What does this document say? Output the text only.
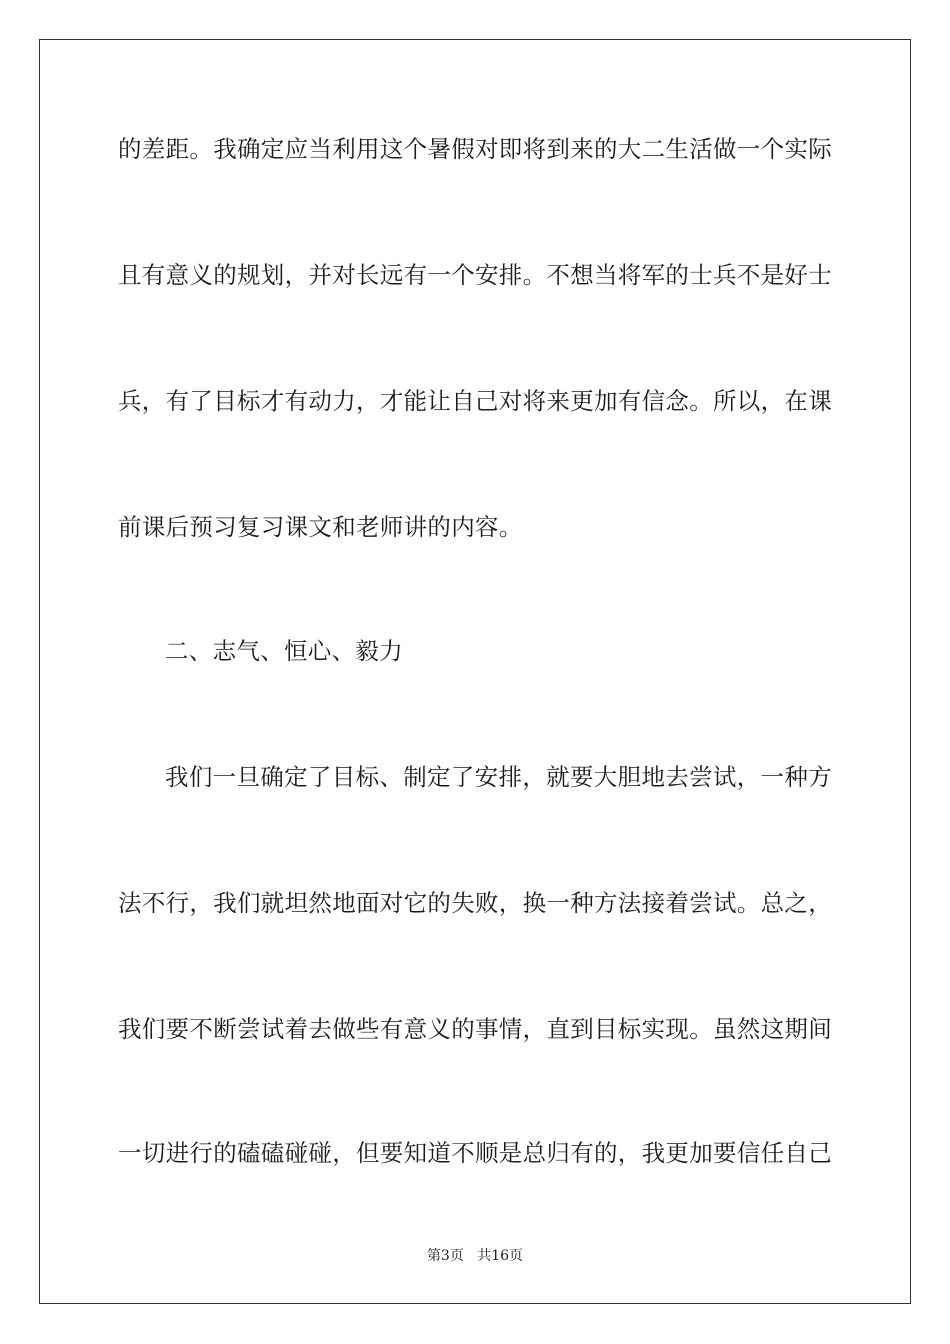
的差距。我确定应当利用这个暑假对即将到来的大二生活做一个实际
且有意义的规划，并对长远有一个安排。不想当将军的士兵不是好士
兵，有了目标才有动力，才能让自己对将来更加有信念。所以，在课
前课后预习复习课文和老师讲的内容。
二、志气、恒心、毅力
我们一旦确定了目标、制定了安排，就要大胆地去尝试，一种方
法不行，我们就坦然地面对它的失败，换一种方法接着尝试。总之，
我们要不断尝试着去做些有意义的事情，直到目标实现。虽然这期间
一切进行的磕磕碰碰，但要知道不顺是总归有的，我更加要信任自己
第3页 共16页
